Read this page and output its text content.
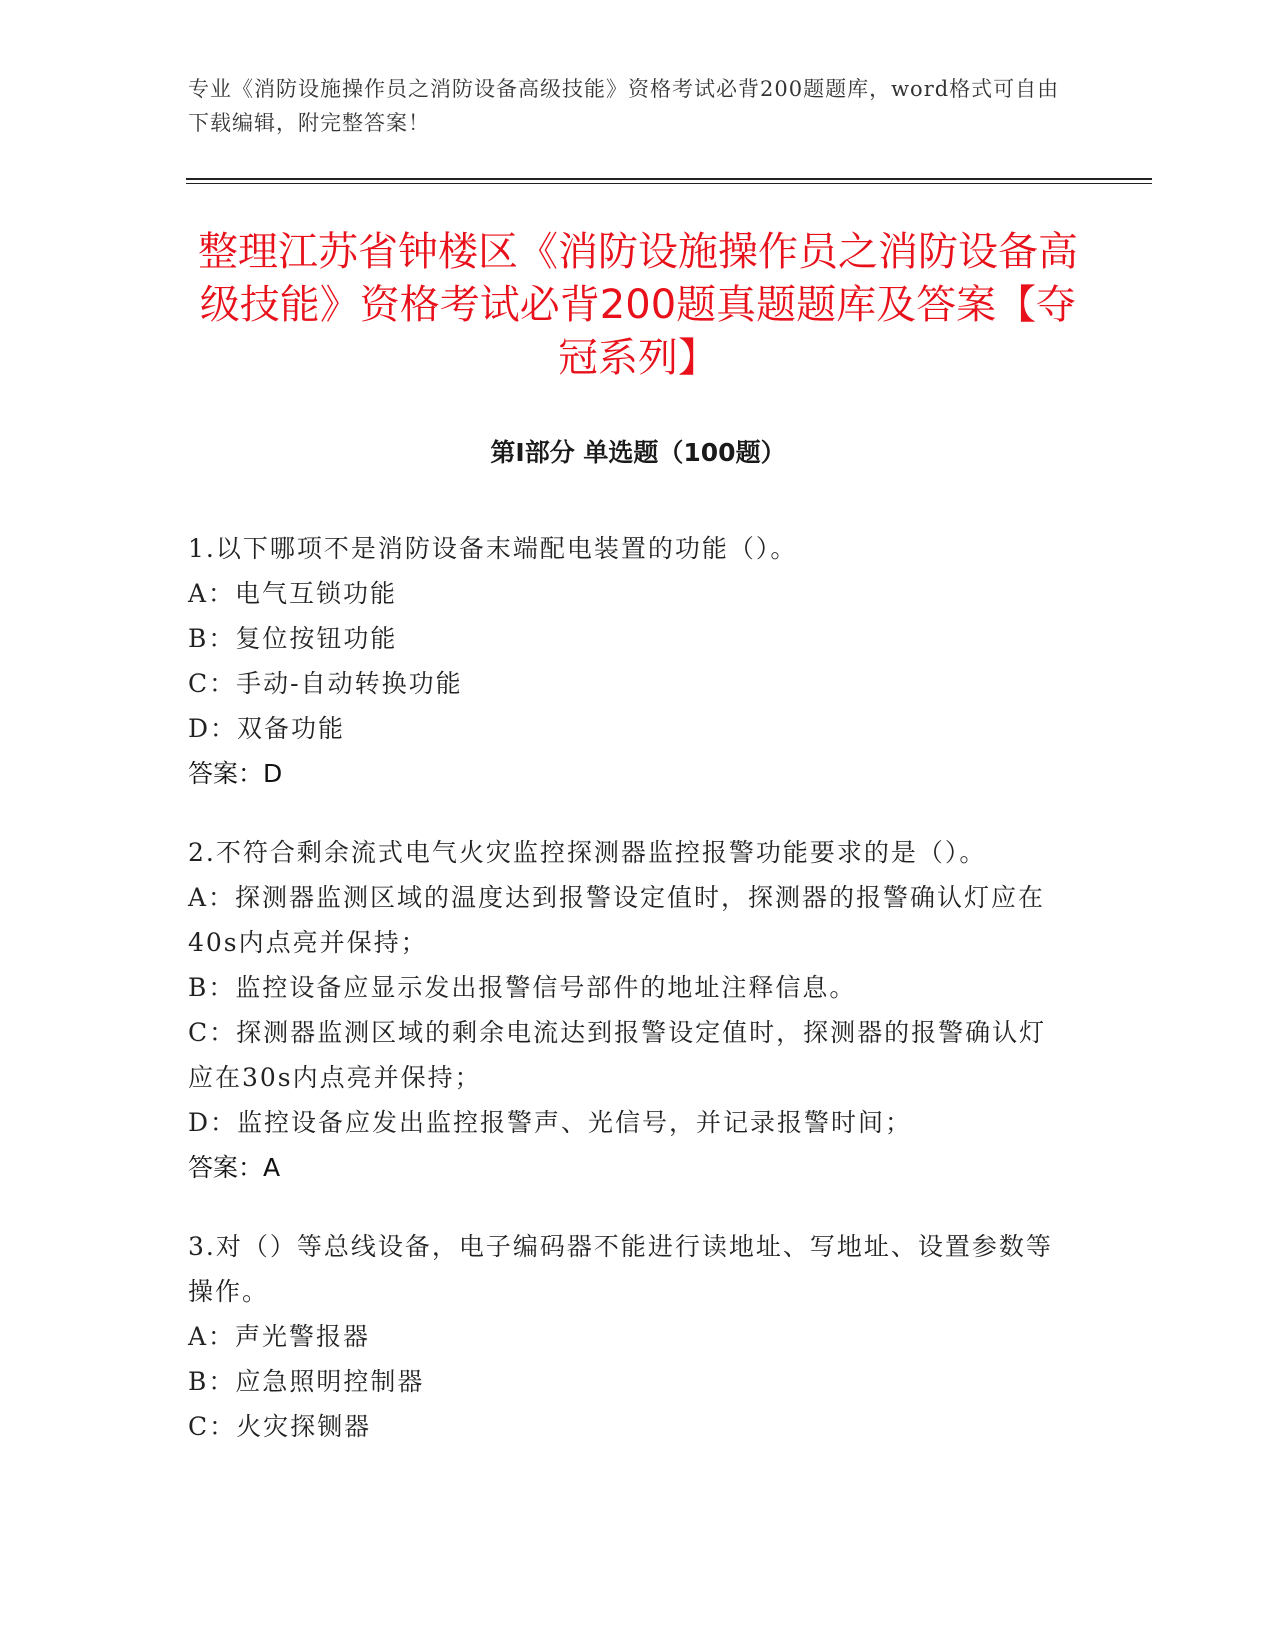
专业《消防设施操作员之消防设备高级技能》资格考试必背200题题库，word格式可自由下载编辑，附完整答案！
整理江苏省钟楼区《消防设施操作员之消防设备高级技能》资格考试必背200题真题题库及答案【夺冠系列】
第Ⅰ部分 单选题（100题）
1.以下哪项不是消防设备末端配电装置的功能（）。
A：电气互锁功能
B：复位按钮功能
C：手动-自动转换功能
D：双备功能
答案：D
2.不符合剩余流式电气火灾监控探测器监控报警功能要求的是（）。
A：探测器监测区域的温度达到报警设定值时，探测器的报警确认灯应在40s内点亮并保持；
B：监控设备应显示发出报警信号部件的地址注释信息。
C：探测器监测区域的剩余电流达到报警设定值时，探测器的报警确认灯应在30s内点亮并保持；
D：监控设备应发出监控报警声、光信号，并记录报警时间；
答案：A
3.对（）等总线设备，电子编码器不能进行读地址、写地址、设置参数等操作。
A：声光警报器
B：应急照明控制器
C：火灾探铡器
